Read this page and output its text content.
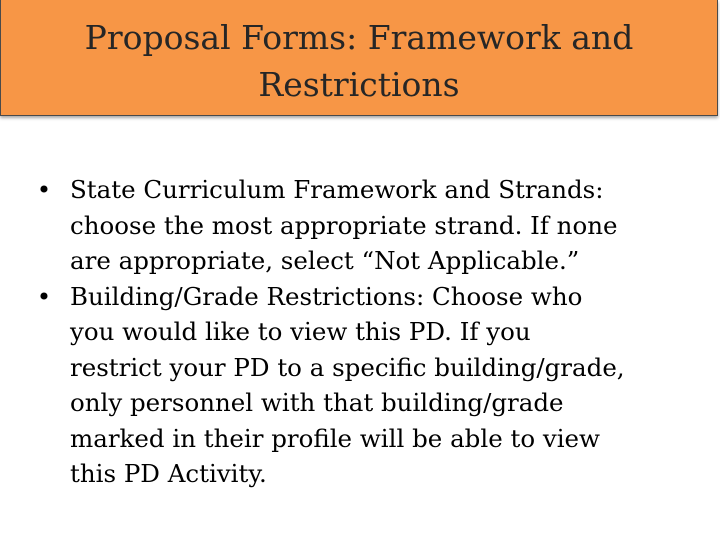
Proposal Forms: Framework and
Restrictions
• State Curriculum Framework and Strands:
choose the most appropriate strand. If none
are appropriate, select “Not Applicable.”
• Building/Grade Restrictions: Choose who
you would like to view this PD. If you
restrict your PD to a specific building/grade,
only personnel with that building/grade
marked in their profile will be able to view
this PD Activity.
